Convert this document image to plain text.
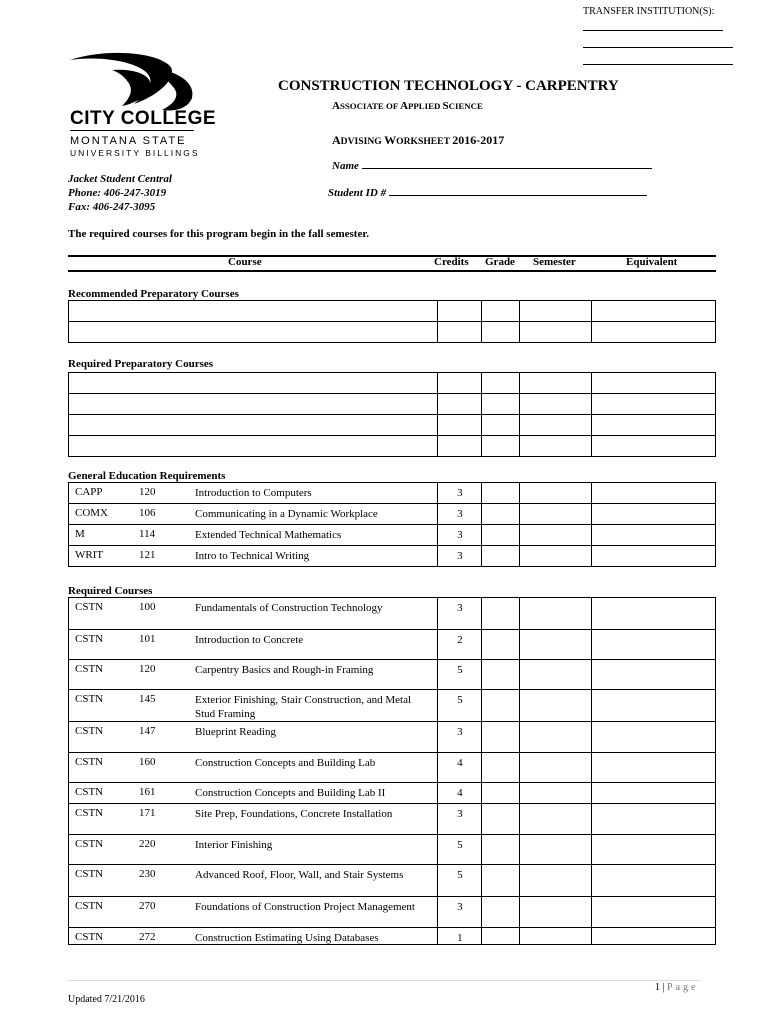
TRANSFER INSTITUTION(S):
CITY COLLEGE
MONTANA STATE
UNIVERSITY BILLINGS
CONSTRUCTION TECHNOLOGY - CARPENTRY
ASSOCIATE OF APPLIED SCIENCE
ADVISING WORKSHEET 2016-2017
Name
Student ID #
Jacket Student Central
Phone: 406-247-3019
Fax: 406-247-3095
The required courses for this program begin in the fall semester.
Course	Credits Grade Semester	Equivalent
Recommended Preparatory Courses

Required Preparatory Courses

General Education Requirements
CAPP 120 Introduction to Computers	3			

COMX 106 Communicating in a Dynamic Workplace	3			

M 114 Extended Technical Mathematics	3			

WRIT 121 Intro to Technical Writing	3			
Required Courses
CSTN 100 Fundamentals of Construction Technology	3			

CSTN 101 Introduction to Concrete	2			

CSTN 120 Carpentry Basics and Rough-in Framing	5			

CSTN 145 Exterior Finishing, Stair Construction, and Metal Stud Framing	5			

CSTN 147 Blueprint Reading	3			

CSTN 160 Construction Concepts and Building Lab	4			

CSTN 161 Construction Concepts and Building Lab II	4			

CSTN 171 Site Prep, Foundations, Concrete Installation	3			

CSTN 220 Interior Finishing	5			

CSTN 230 Advanced Roof, Floor, Wall, and Stair Systems	5			

CSTN 270 Foundations of Construction Project Management	3			

CSTN 272 Construction Estimating Using Databases	1			
1 | Page
Updated 7/21/2016
